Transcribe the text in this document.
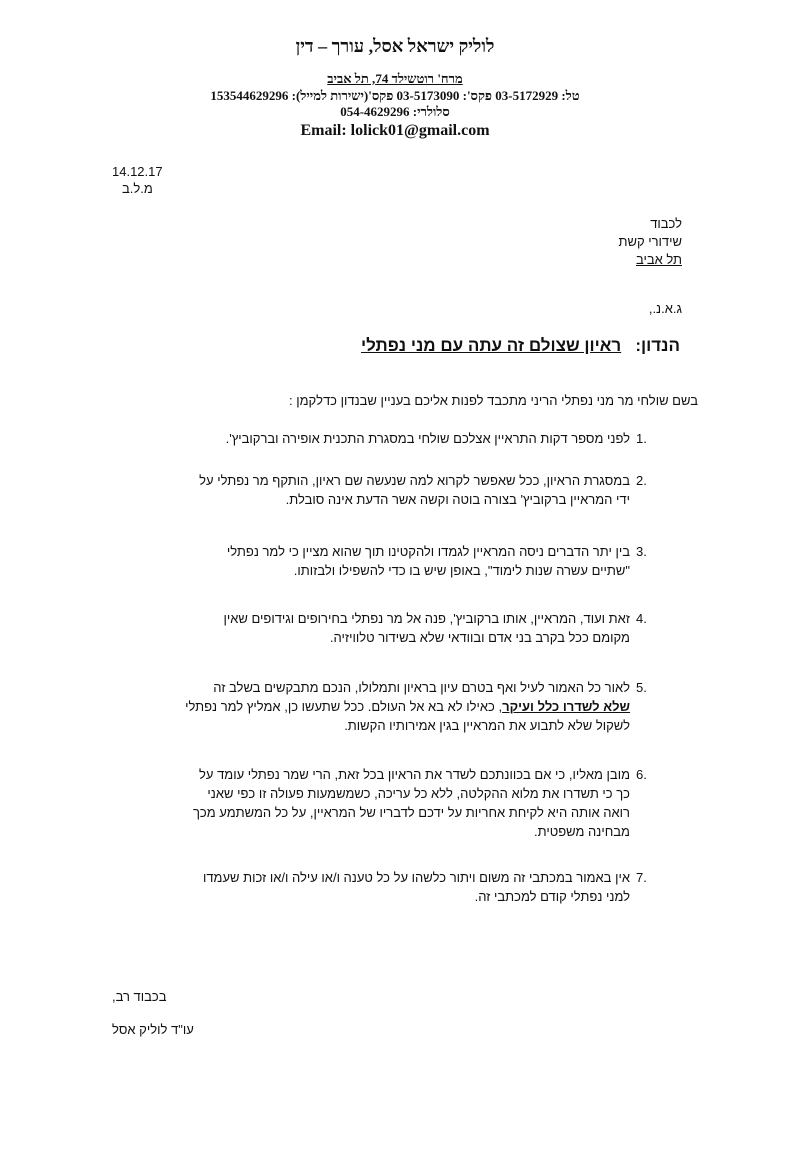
לוליק ישראל אסל, עורך – דין
מרח' רוטשילד 74, תל אביב
טל: 03-5172929 פקס': 03-5173090 פקס'(ישירות למייל): 153544629296
סלולרי: 054-4629296
Email: lolick01@gmail.com
14.12.17
מ.ל.ב
לכבוד
שידורי קשת
תל אביב
ג.א.נ.,
הנדון:   ראיון שצולם זה עתה עם מני נפתלי
בשם שולחי מר מני נפתלי הריני מתכבד לפנות אליכם בעניין שבנדון כדלקמן :
1.
לפני מספר דקות התראיין אצלכם שולחי במסגרת התכנית אופירה וברקוביץ'.
2.
במסגרת הראיון, ככל שאפשר לקרוא למה שנעשה שם ראיון, הותקף מר נפתלי על
ידי המראיין ברקוביץ' בצורה בוטה וקשה אשר הדעת אינה סובלת.
3.
בין יתר הדברים ניסה המראיין לגמדו ולהקטינו תוך שהוא מציין כי למר נפתלי
"שתיים עשרה שנות לימוד", באופן שיש בו כדי להשפילו ולבזותו.
4.
זאת ועוד, המראיין, אותו ברקוביץ', פנה אל מר נפתלי בחירופים וגידופים שאין
מקומם ככל בקרב בני אדם ובוודאי שלא בשידור טלוויזיה.
5.
לאור כל האמור לעיל ואף בטרם עיון בראיון ותמלולו, הנכם מתבקשים בשלב זה
שלא לשדרו כלל ועיקר, כאילו לא בא אל העולם. ככל שתעשו כן, אמליץ למר נפתלי
לשקול שלא לתבוע את המראיין בגין אמירותיו הקשות.
6.
מובן מאליו, כי אם בכוונתכם לשדר את הראיון בכל זאת, הרי שמר נפתלי עומד על
כך כי תשדרו את מלוא ההקלטה, ללא כל עריכה, כשמשמעות פעולה זו כפי שאני
רואה אותה היא לקיחת אחריות על ידכם לדבריו של המראיין, על כל המשתמע מכך
מבחינה משפטית.
7.
אין באמור במכתבי זה משום ויתור כלשהו על כל טענה ו/או עילה ו/או זכות שעמדו
למני נפתלי קודם למכתבי זה.
בכבוד רב,
עו"ד לוליק אסל
